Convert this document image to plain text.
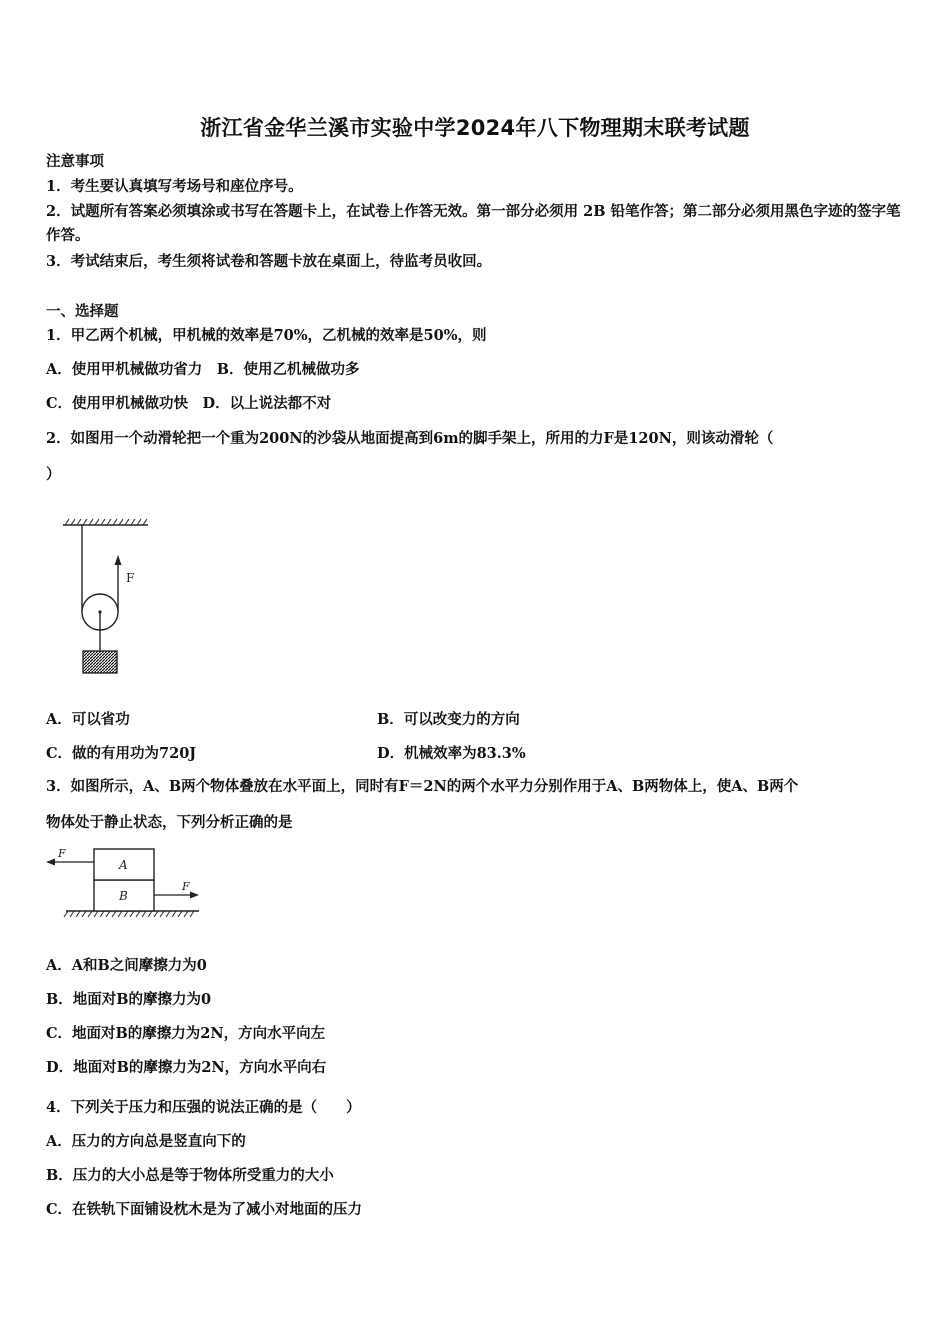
浙江省金华兰溪市实验中学2024年八下物理期末联考试题
注意事项
1．考生要认真填写考场号和座位序号。
2．试题所有答案必须填涂或书写在答题卡上，在试卷上作答无效。第一部分必须用 2B 铅笔作答；第二部分必须用黑色字迹的签字笔作答。
3．考试结束后，考生须将试卷和答题卡放在桌面上，待监考员收回。
一、选择题
1．甲乙两个机械，甲机械的效率是70%，乙机械的效率是50%，则
A．使用甲机械做功省力　B．使用乙机械做功多
C．使用甲机械做功快　D．以上说法都不对
2．如图用一个动滑轮把一个重为200N的沙袋从地面提高到6m的脚手架上，所用的力F是120N，则该动滑轮（
）
F
A．可以省功	B．可以改变力的方向
C．做的有用功为720J	D．机械效率为83.3%
3．如图所示，A、B两个物体叠放在水平面上，同时有F＝2N的两个水平力分别作用于A、B两物体上，使A、B两个
物体处于静止状态，下列分析正确的是
A
B
F
F
A．A和B之间摩擦力为0
B．地面对B的摩擦力为0
C．地面对B的摩擦力为2N，方向水平向左
D．地面对B的摩擦力为2N，方向水平向右
4．下列关于压力和压强的说法正确的是（　　）
A．压力的方向总是竖直向下的
B．压力的大小总是等于物体所受重力的大小
C．在铁轨下面铺设枕木是为了减小对地面的压力
